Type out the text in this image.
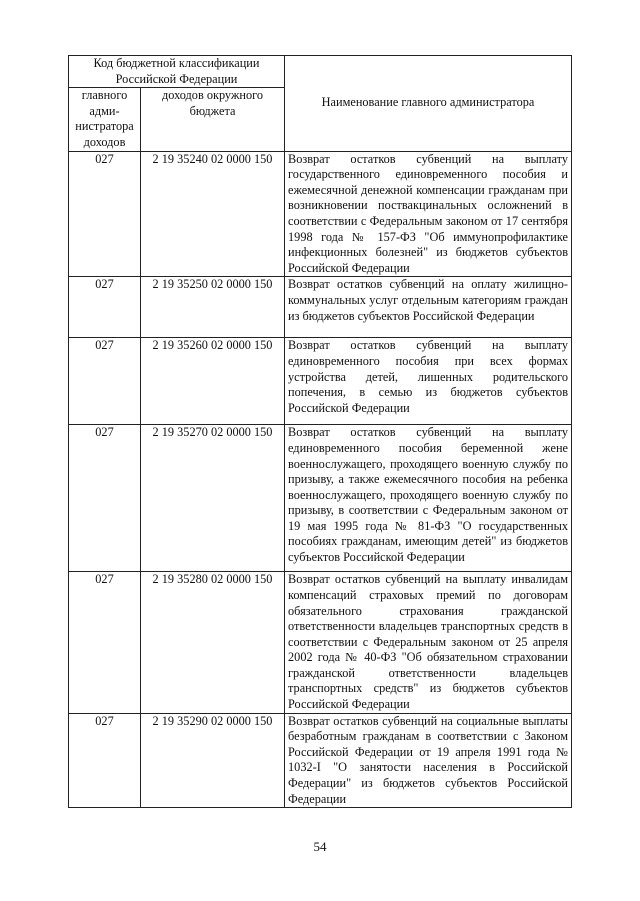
Код бюджетной классификации Российской Федерации		Наименование главного администратора
главного адми-нистратора доходов	доходов окружного бюджета	
027	2 19 35240 02 0000 150	Возврат остатков субвенций на выплату государственного единовременного пособия и ежемесячной денежной компенсации гражданам при возникновении поствакцинальных осложнений в соответствии с Федеральным законом от 17 сентября 1998 года № 157-ФЗ "Об иммунопрофилактике инфекционных болезней" из бюджетов субъектов Российской Федерации
027	2 19 35250 02 0000 150	Возврат остатков субвенций на оплату жилищно-коммунальных услуг отдельным категориям граждан из бюджетов субъектов Российской Федерации
027	2 19 35260 02 0000 150	Возврат остатков субвенций на выплату единовременного пособия при всех формах устройства детей, лишенных родительского попечения, в семью из бюджетов субъектов Российской Федерации
027	2 19 35270 02 0000 150	Возврат остатков субвенций на выплату единовременного пособия беременной жене военнослужащего, проходящего военную службу по призыву, а также ежемесячного пособия на ребенка военнослужащего, проходящего военную службу по призыву, в соответствии с Федеральным законом от 19 мая 1995 года № 81-ФЗ "О государственных пособиях гражданам, имеющим детей" из бюджетов субъектов Российской Федерации
027	2 19 35280 02 0000 150	Возврат остатков субвенций на выплату инвалидам компенсаций страховых премий по договорам обязательного страхования гражданской ответственности владельцев транспортных средств в соответствии с Федеральным законом от 25 апреля 2002 года № 40-ФЗ "Об обязательном страховании гражданской ответственности владельцев транспортных средств" из бюджетов субъектов Российской Федерации
027	2 19 35290 02 0000 150	Возврат остатков субвенций на социальные выплаты безработным гражданам в соответствии с Законом Российской Федерации от 19 апреля 1991 года № 1032-I "О занятости населения в Российской Федерации" из бюджетов субъектов Российской Федерации
54
